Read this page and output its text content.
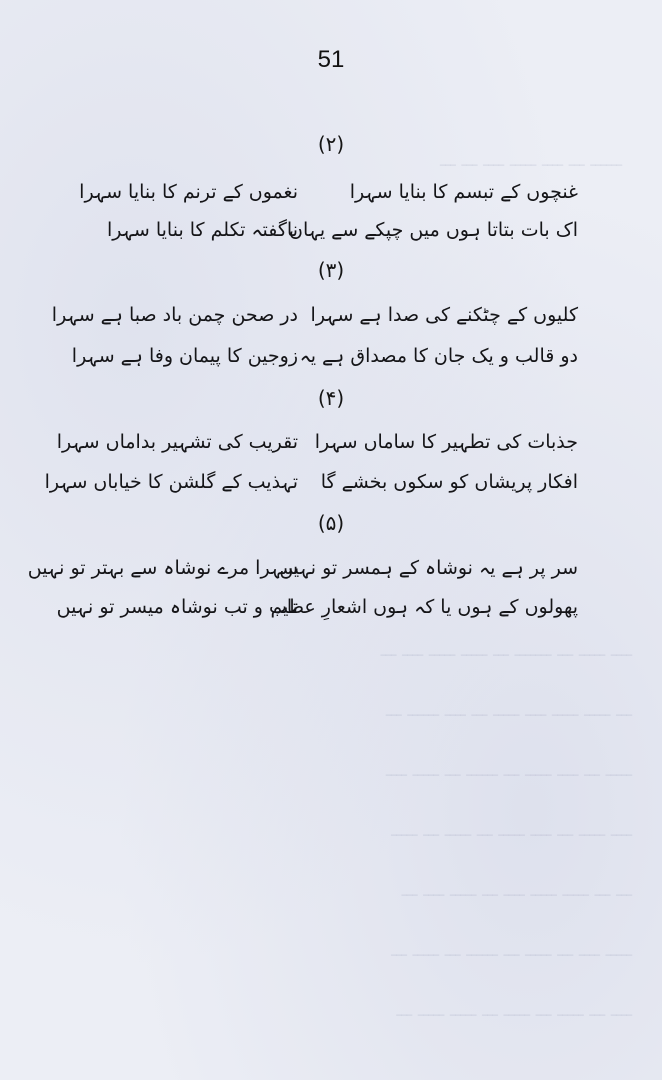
ــــــ ـــ ــــ ـــــ ــــ ـــ ـــ
ــــ ـــــ ـــ ـــــــ ـــ ـــــ ـــــ ــــ ـــ
ـــ ـــــ ـــــ ــــ ـــــ ـــ ــــ ــــــ ـــ
ـــــ ـــ ــــ ـــــ ـــ ــــــ ـــ ـــــ ــــ
ــــ ـــــ ـــ ــــ ـــــ ـــ ـــــ ـــ ـــــ
ـــ ـــ ـــــ ـــــ ــــ ـــ ـــــ ــــ ـــ
ـــــ ــــ ـــ ـــــ ـــ ــــــ ـــ ـــــ ـــ
ــــ ـــ ـــــ ـــ ـــــ ـــ ـــــ ـــــ ـــ
51
(۲)
غنچوں کے تبسم کا بنایا سہرا
نغموں کے ترنم کا بنایا سہرا
اک بات بتاتا ہوں میں چپکے سے یہاں
ناگفتہ تکلم کا بنایا سہرا
(۳)
کلیوں کے چٹکنے کی صدا ہے سہرا
در صحن چمن باد صبا ہے سہرا
دو قالب و یک جان کا مصداق ہے یہ
زوجین کا پیمان وفا ہے سہرا
(۴)
جذبات کی تطہیر کا ساماں سہرا
تقریب کی تشہیر بداماں سہرا
افکار پریشاں کو سکوں بخشے گا
تہذیب کے گلشن کا خیاباں سہرا
(۵)
سر پر ہے یہ نوشاہ کے ہمسر تو نہیں
سہرا مرے نوشاہ سے بہتر تو نہیں
پھولوں کے ہوں یا کہ ہوں اشعارِ عظیم
تاب و تب نوشاہ میسر تو نہیں
